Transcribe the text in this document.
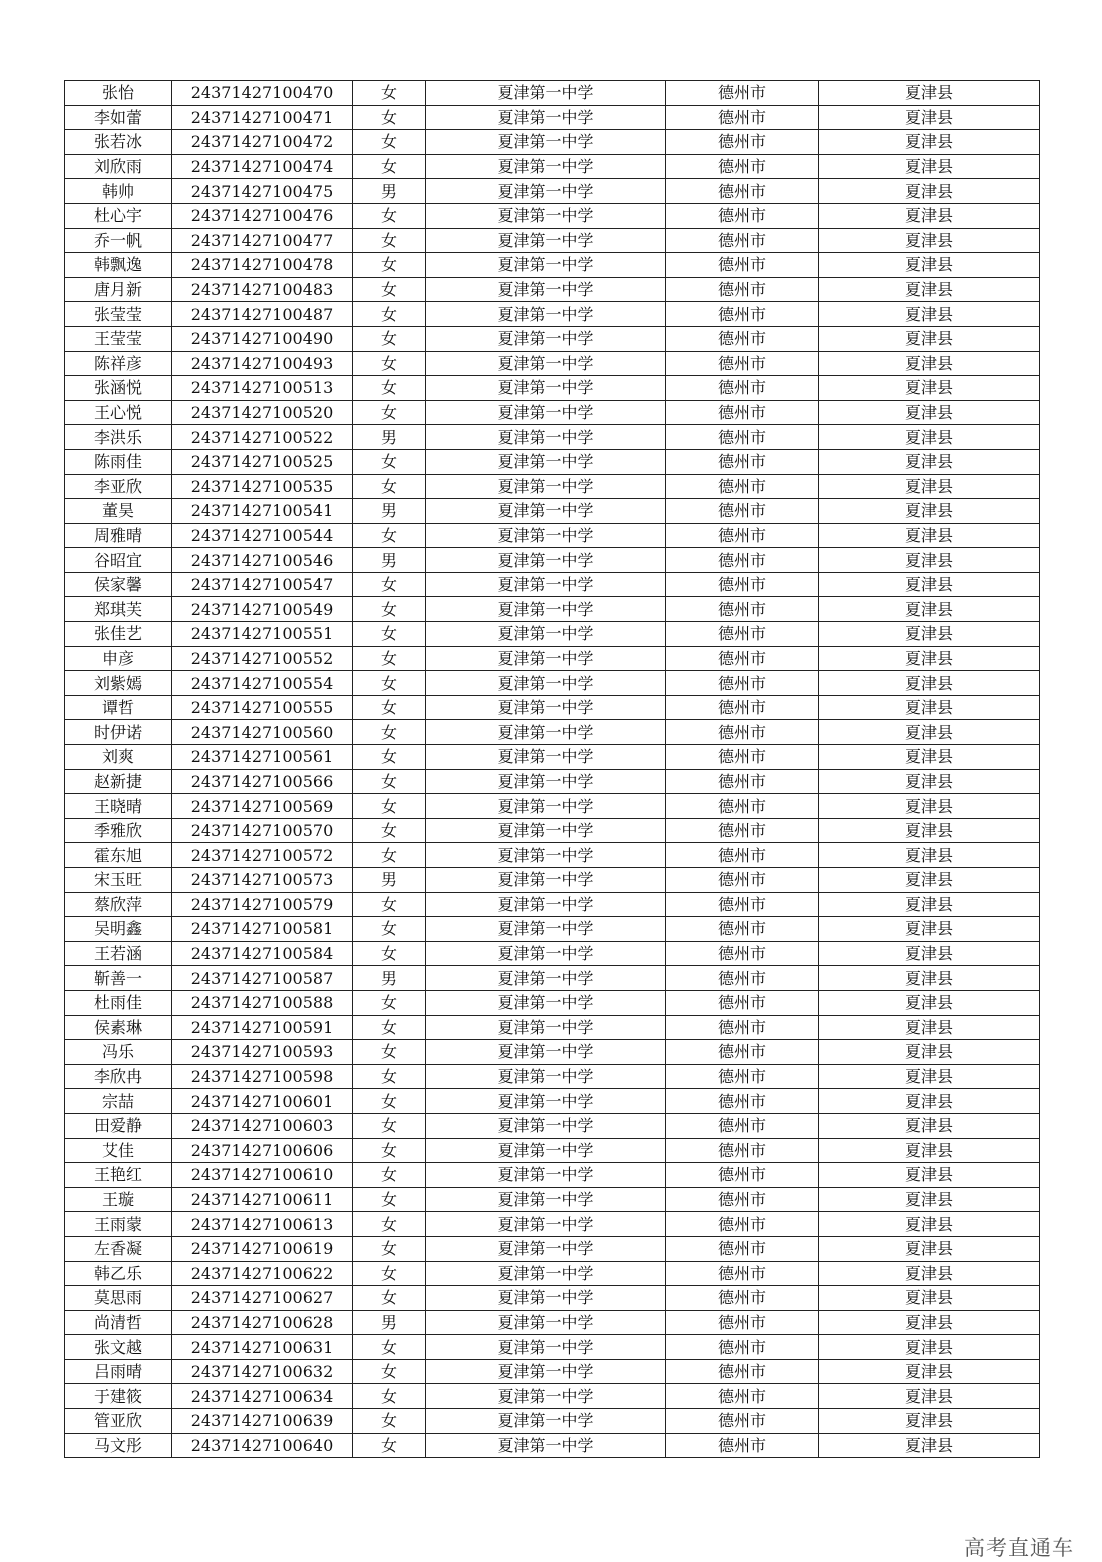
张怡	24371427100470	女	夏津第一中学	德州市	夏津县
李如蕾	24371427100471	女	夏津第一中学	德州市	夏津县
张若冰	24371427100472	女	夏津第一中学	德州市	夏津县
刘欣雨	24371427100474	女	夏津第一中学	德州市	夏津县
韩帅	24371427100475	男	夏津第一中学	德州市	夏津县
杜心宇	24371427100476	女	夏津第一中学	德州市	夏津县
乔一帆	24371427100477	女	夏津第一中学	德州市	夏津县
韩飘逸	24371427100478	女	夏津第一中学	德州市	夏津县
唐月新	24371427100483	女	夏津第一中学	德州市	夏津县
张莹莹	24371427100487	女	夏津第一中学	德州市	夏津县
王莹莹	24371427100490	女	夏津第一中学	德州市	夏津县
陈祥彦	24371427100493	女	夏津第一中学	德州市	夏津县
张涵悦	24371427100513	女	夏津第一中学	德州市	夏津县
王心悦	24371427100520	女	夏津第一中学	德州市	夏津县
李洪乐	24371427100522	男	夏津第一中学	德州市	夏津县
陈雨佳	24371427100525	女	夏津第一中学	德州市	夏津县
李亚欣	24371427100535	女	夏津第一中学	德州市	夏津县
董昊	24371427100541	男	夏津第一中学	德州市	夏津县
周雅晴	24371427100544	女	夏津第一中学	德州市	夏津县
谷昭宜	24371427100546	男	夏津第一中学	德州市	夏津县
侯家馨	24371427100547	女	夏津第一中学	德州市	夏津县
郑琪芙	24371427100549	女	夏津第一中学	德州市	夏津县
张佳艺	24371427100551	女	夏津第一中学	德州市	夏津县
申彦	24371427100552	女	夏津第一中学	德州市	夏津县
刘紫嫣	24371427100554	女	夏津第一中学	德州市	夏津县
谭哲	24371427100555	女	夏津第一中学	德州市	夏津县
时伊诺	24371427100560	女	夏津第一中学	德州市	夏津县
刘爽	24371427100561	女	夏津第一中学	德州市	夏津县
赵新捷	24371427100566	女	夏津第一中学	德州市	夏津县
王晓晴	24371427100569	女	夏津第一中学	德州市	夏津县
季雅欣	24371427100570	女	夏津第一中学	德州市	夏津县
霍东旭	24371427100572	女	夏津第一中学	德州市	夏津县
宋玉旺	24371427100573	男	夏津第一中学	德州市	夏津县
蔡欣萍	24371427100579	女	夏津第一中学	德州市	夏津县
吴明鑫	24371427100581	女	夏津第一中学	德州市	夏津县
王若涵	24371427100584	女	夏津第一中学	德州市	夏津县
靳善一	24371427100587	男	夏津第一中学	德州市	夏津县
杜雨佳	24371427100588	女	夏津第一中学	德州市	夏津县
侯素琳	24371427100591	女	夏津第一中学	德州市	夏津县
冯乐	24371427100593	女	夏津第一中学	德州市	夏津县
李欣冉	24371427100598	女	夏津第一中学	德州市	夏津县
宗喆	24371427100601	女	夏津第一中学	德州市	夏津县
田爱静	24371427100603	女	夏津第一中学	德州市	夏津县
艾佳	24371427100606	女	夏津第一中学	德州市	夏津县
王艳红	24371427100610	女	夏津第一中学	德州市	夏津县
王璇	24371427100611	女	夏津第一中学	德州市	夏津县
王雨蒙	24371427100613	女	夏津第一中学	德州市	夏津县
左香凝	24371427100619	女	夏津第一中学	德州市	夏津县
韩乙乐	24371427100622	女	夏津第一中学	德州市	夏津县
莫思雨	24371427100627	女	夏津第一中学	德州市	夏津县
尚清哲	24371427100628	男	夏津第一中学	德州市	夏津县
张文越	24371427100631	女	夏津第一中学	德州市	夏津县
吕雨晴	24371427100632	女	夏津第一中学	德州市	夏津县
于建筱	24371427100634	女	夏津第一中学	德州市	夏津县
管亚欣	24371427100639	女	夏津第一中学	德州市	夏津县
马文彤	24371427100640	女	夏津第一中学	德州市	夏津县
高考直通车
